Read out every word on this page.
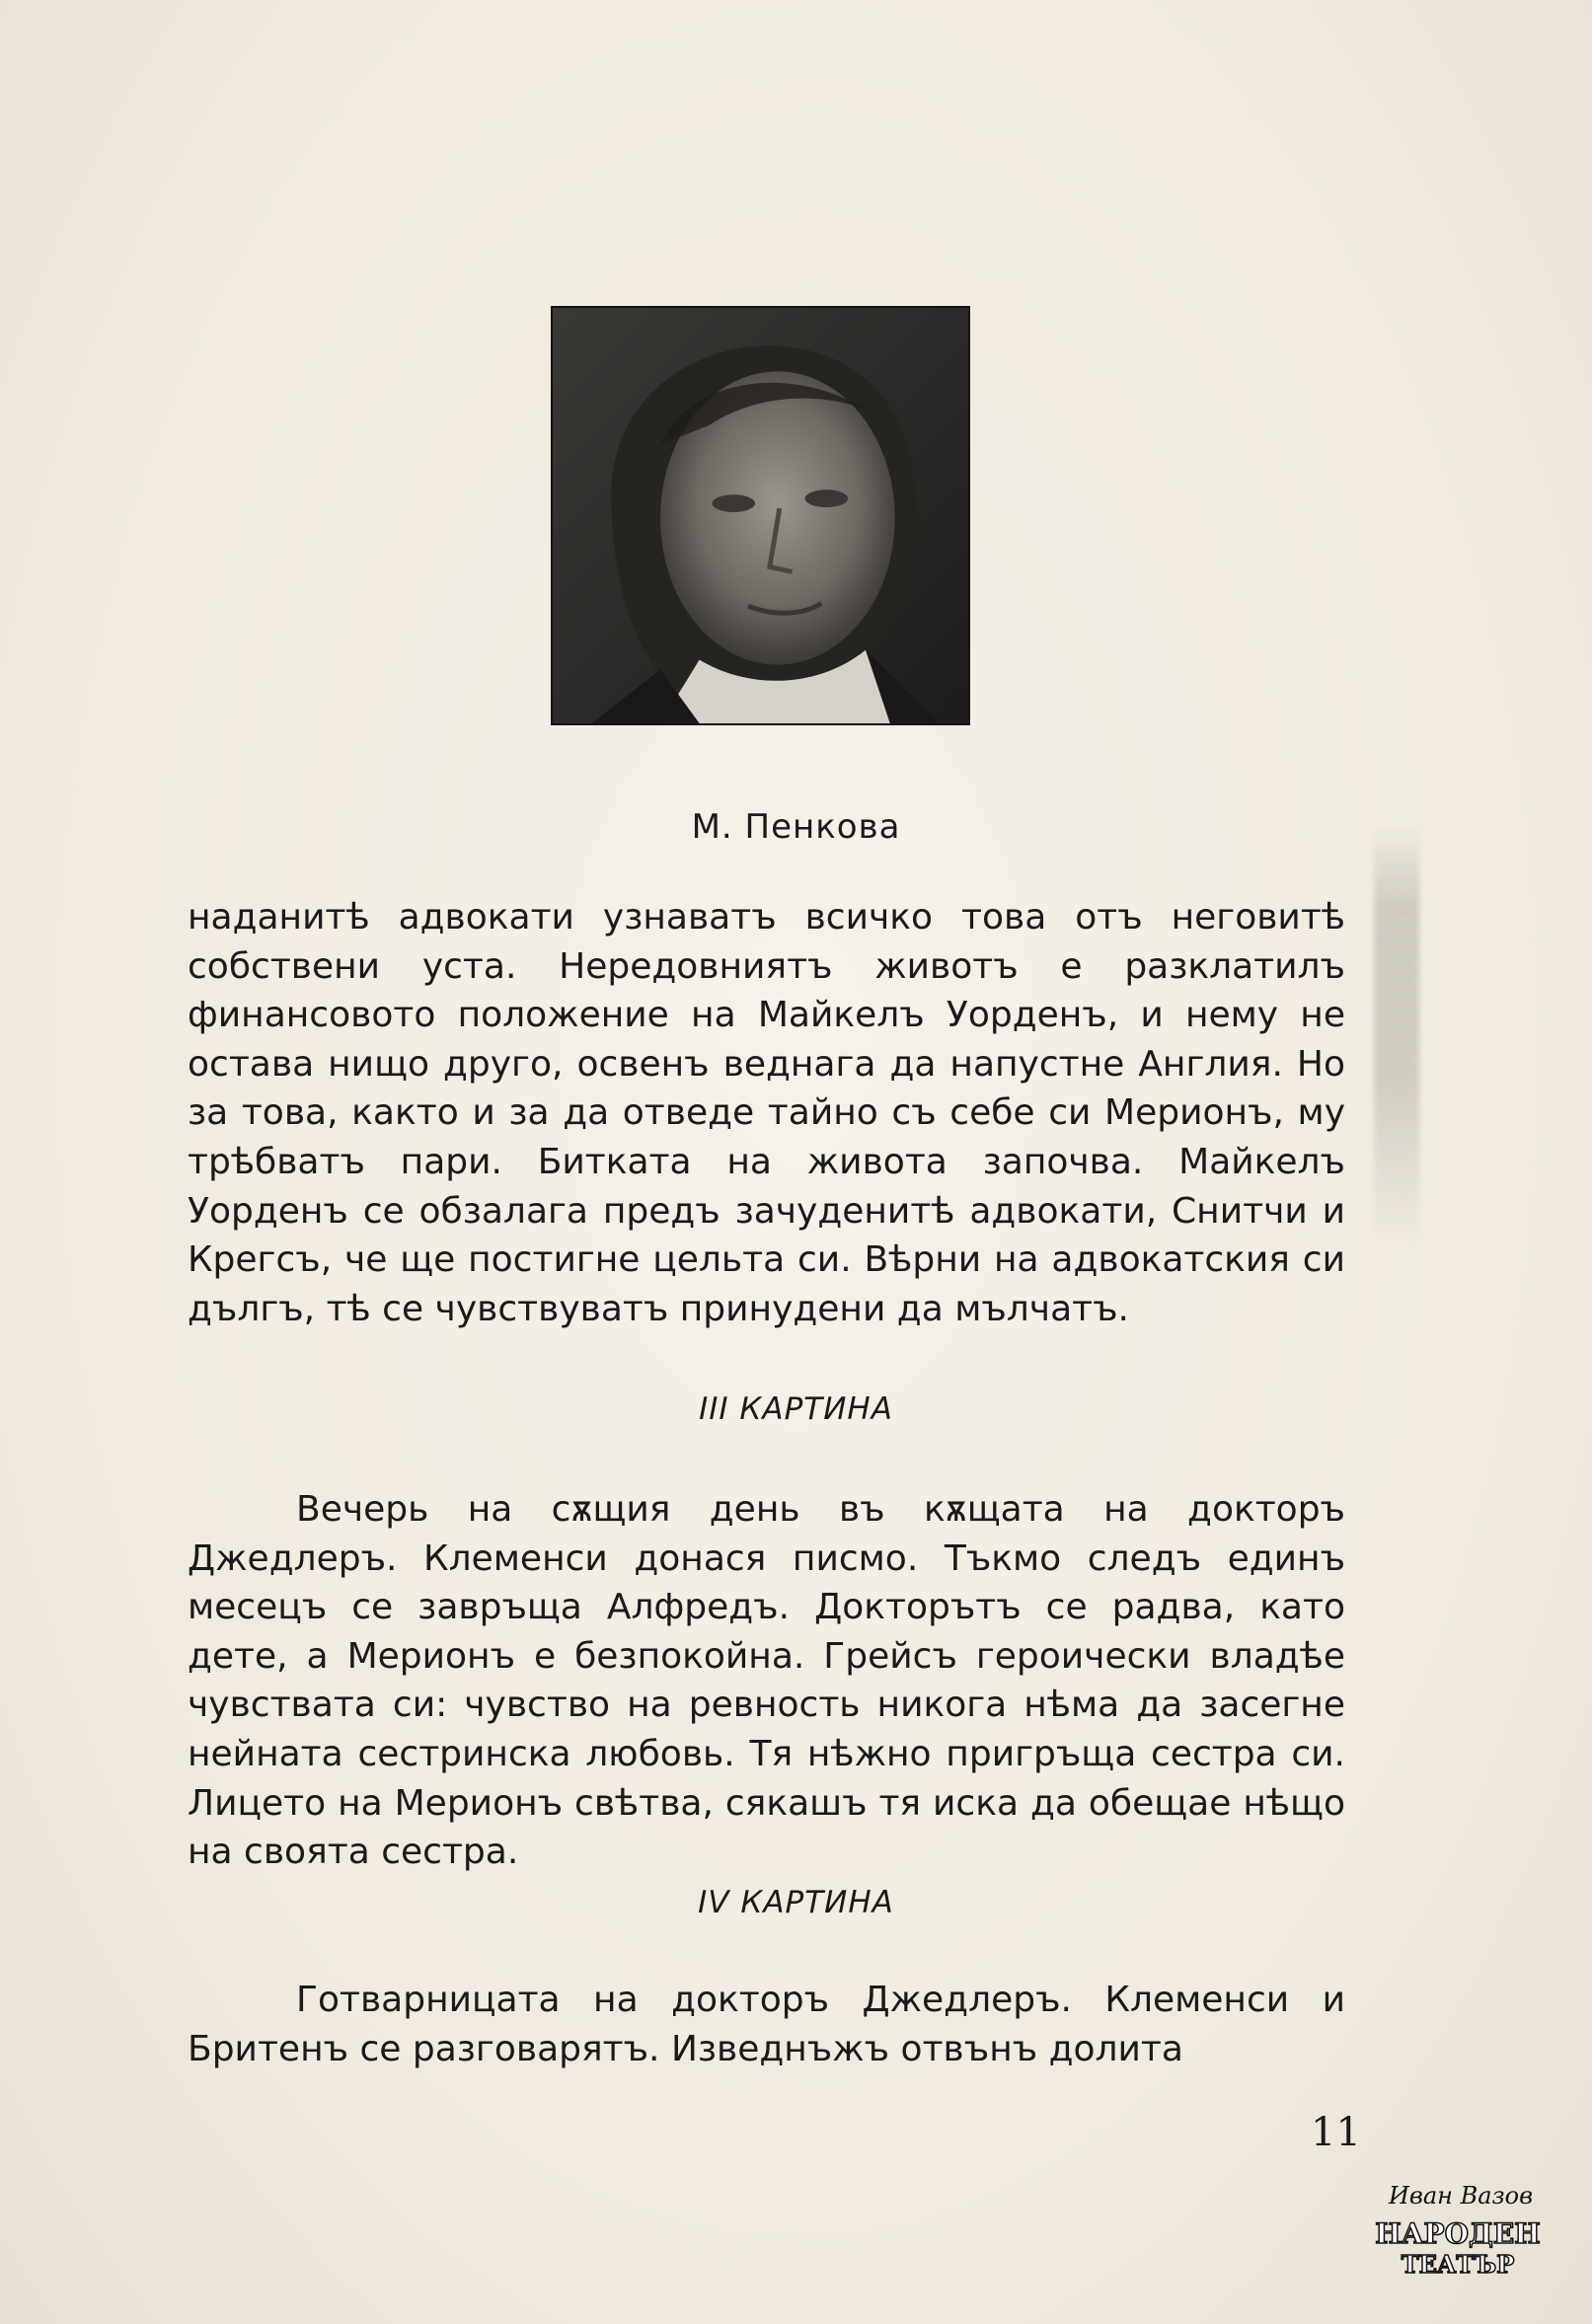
М. Пенкова
наданитѣ адвокати узнаватъ всичко това отъ неговитѣ собствени уста. Нередовниятъ животъ е разклатилъ финансовото положение на Майкелъ Уорденъ, и нему не остава нищо друго, освенъ веднага да напустне Англия. Но за това, както и за да отведе тайно съ себе си Мерионъ, му трѣбватъ пари. Битката на живота започва. Майкелъ Уорденъ се обзалага предъ зачуденитѣ адвокати, Снитчи и Крегсъ, че ще постигне цельта си. Вѣрни на адвокатския си дългъ, тѣ се чувствуватъ принудени да мълчатъ.
III КАРТИНА
Вечерь на сѫщия день въ кѫщата на докторъ Джедлеръ. Клеменси донася писмо. Тъкмо следъ единъ месецъ се завръща Алфредъ. Докторътъ се радва, като дете, а Мерионъ е безпокойна. Грейсъ героически владѣе чувствата си: чувство на ревность никога нѣма да засегне нейната сестринска любовь. Тя нѣжно пригръща сестра си. Лицето на Мерионъ свѣтва, сякашъ тя иска да обещае нѣщо на своята сестра.
IV КАРТИНА
Готварницата на докторъ Джедлеръ. Клеменси и Бритенъ се разговарятъ. Изведнъжъ отвънъ долита
11
Иван Вазов
НАРОДЕН
ТЕАТЪР
